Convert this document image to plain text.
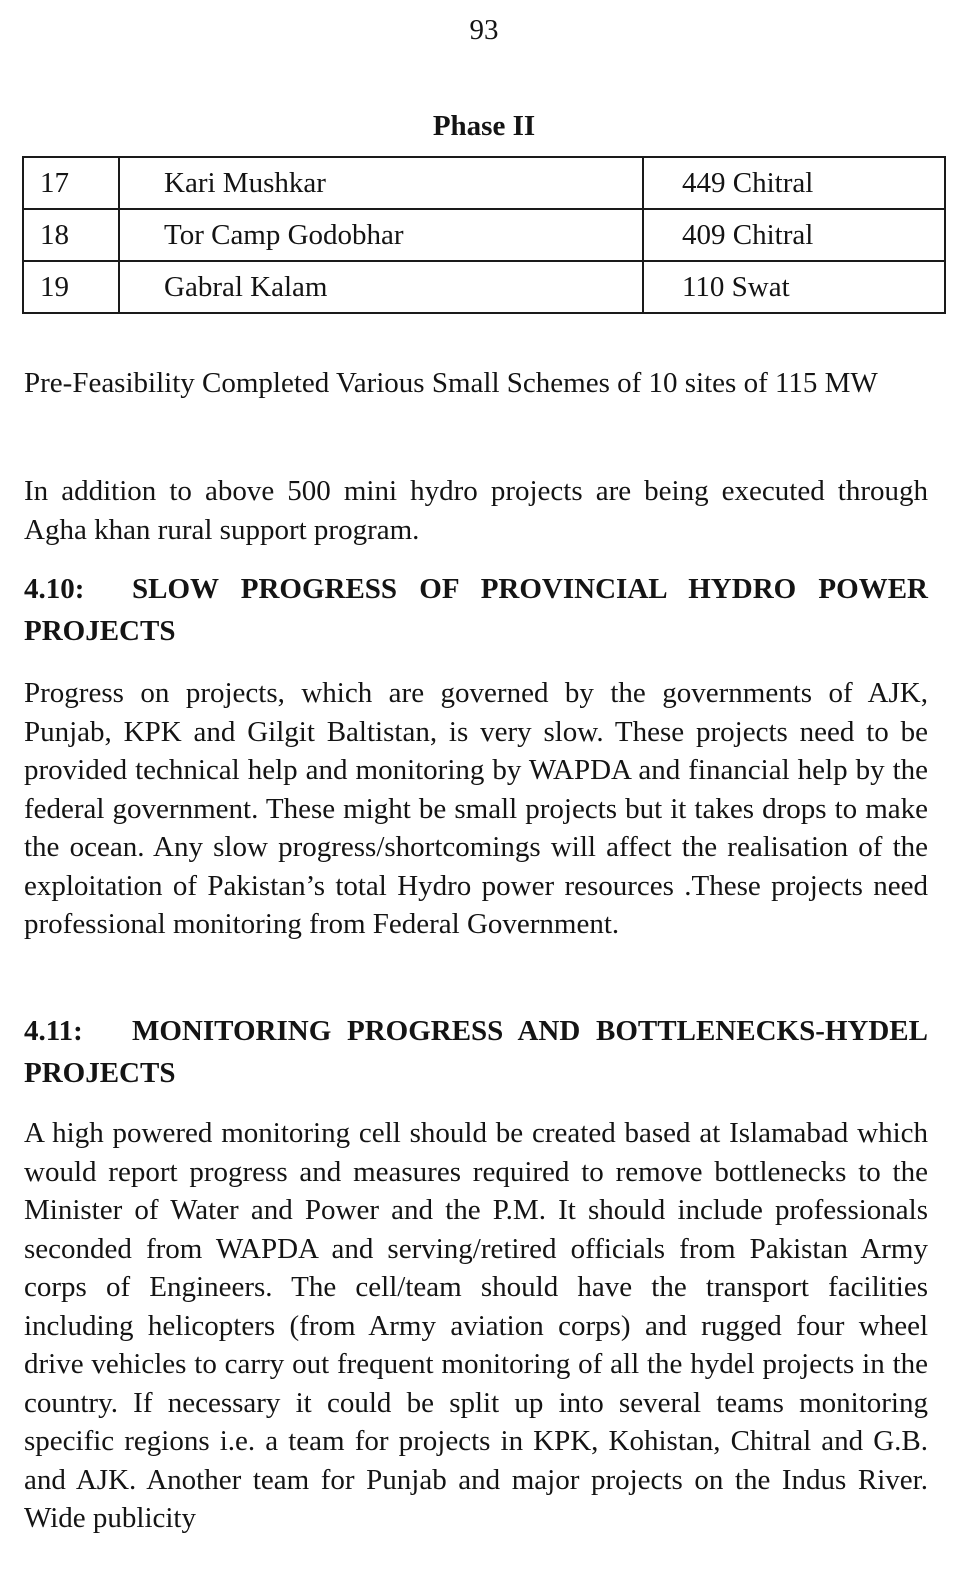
93
Phase II
17	Kari Mushkar	449 Chitral
18	Tor Camp Godobhar	409 Chitral
19	Gabral Kalam	110 Swat

Pre-Feasibility Completed Various Small Schemes of 10 sites of 115 MW

In addition to above 500 mini hydro projects are being executed through Agha khan rural support program.

4.10: SLOW PROGRESS OF PROVINCIAL HYDRO POWER PROJECTS

Progress on projects, which are governed by the governments of AJK, Punjab, KPK and Gilgit Baltistan, is very slow. These projects need to be provided technical help and monitoring by WAPDA and financial help by the federal government. These might be small projects but it takes drops to make the ocean. Any slow progress/shortcomings will affect the realisation of the exploitation of Pakistan’s total Hydro power resources .These projects need professional monitoring from Federal Government.

4.11: MONITORING PROGRESS AND BOTTLENECKS-HYDEL PROJECTS

A high powered monitoring cell should be created based at Islamabad which would report progress and measures required to remove bottlenecks to the Minister of Water and Power and the P.M. It should include professionals seconded from WAPDA and serving/retired officials from Pakistan Army corps of Engineers. The cell/team should have the transport facilities including helicopters (from Army aviation corps) and rugged four wheel drive vehicles to carry out frequent monitoring of all the hydel projects in the country. If necessary it could be split up into several teams monitoring specific regions i.e. a team for projects in KPK, Kohistan, Chitral and G.B. and AJK. Another team for Punjab and major projects on the Indus River. Wide publicity
